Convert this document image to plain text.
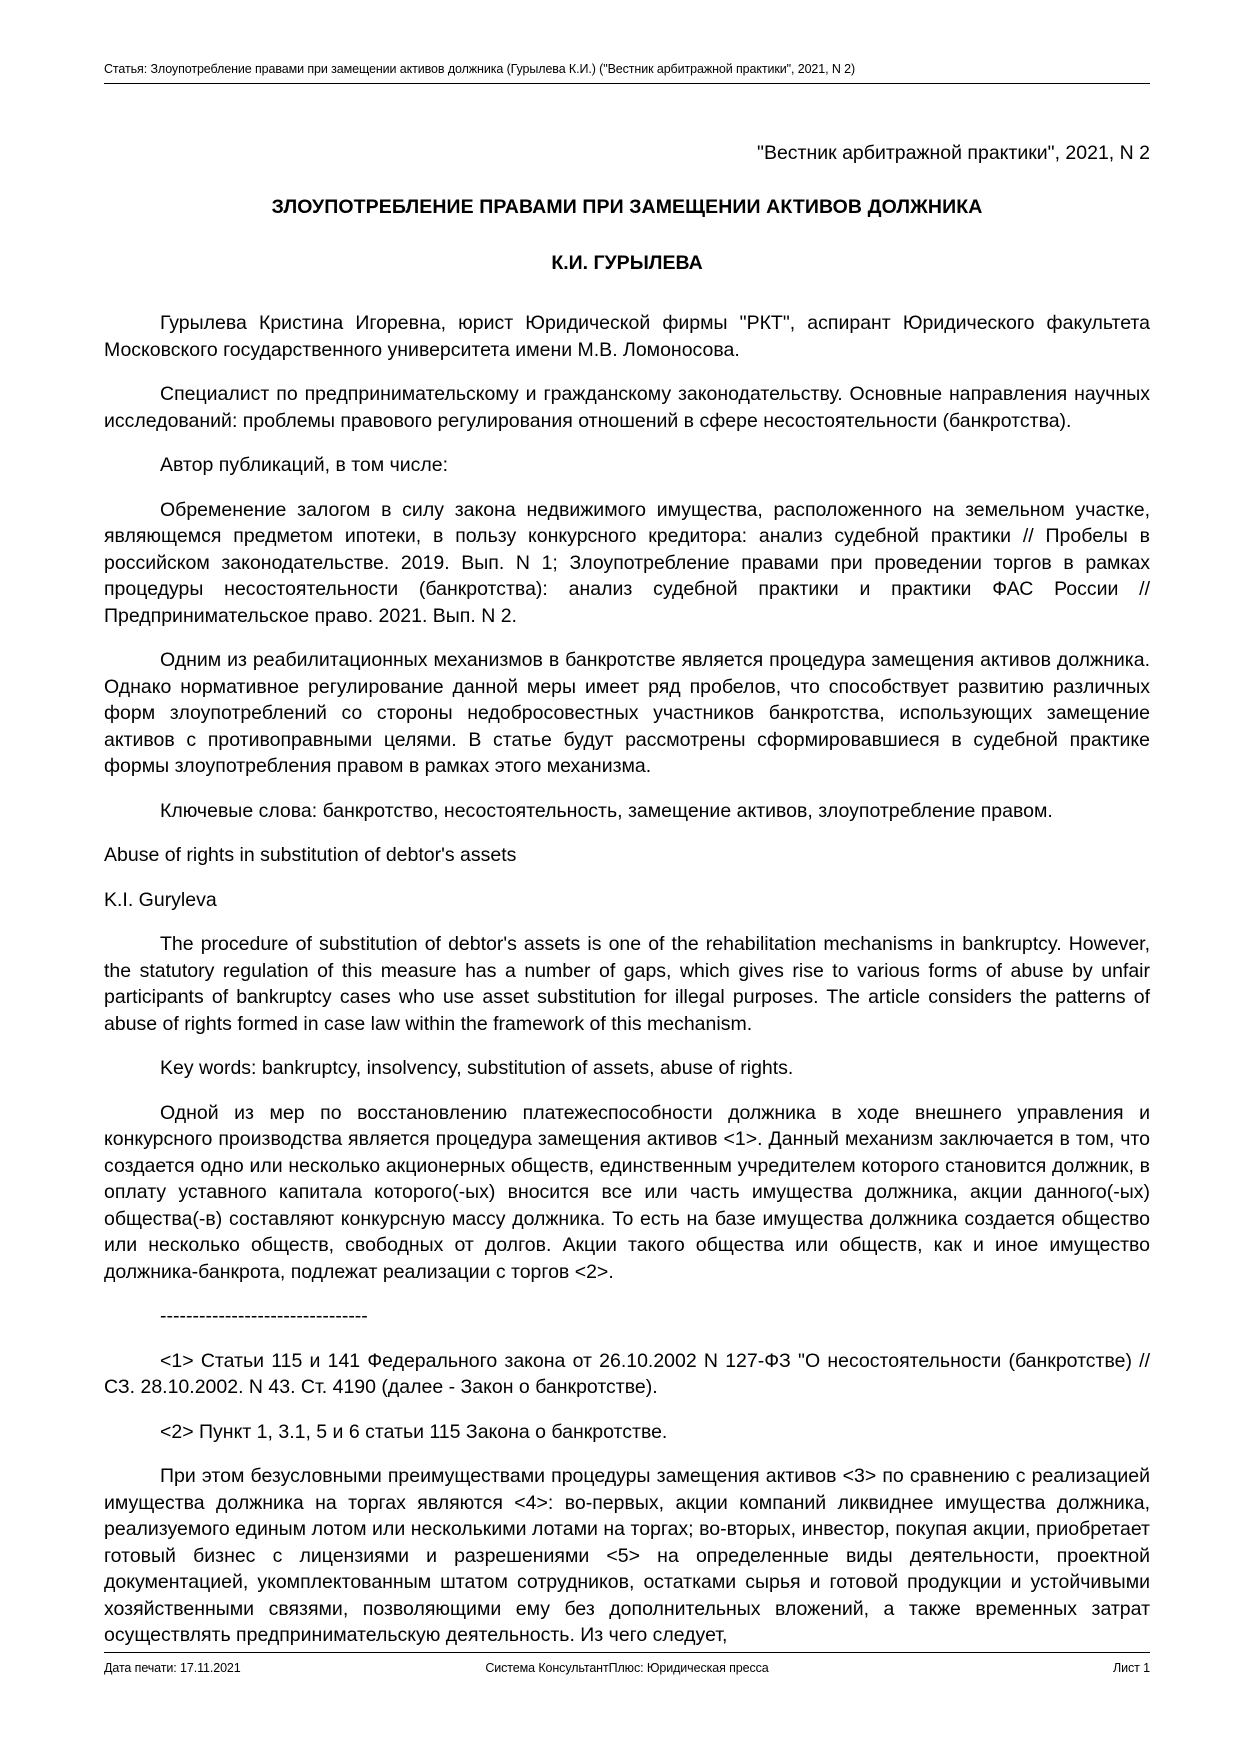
Статья: Злоупотребление правами при замещении активов должника (Гурылева К.И.) ("Вестник арбитражной практики", 2021, N 2)
"Вестник арбитражной практики", 2021, N 2
ЗЛОУПОТРЕБЛЕНИЕ ПРАВАМИ ПРИ ЗАМЕЩЕНИИ АКТИВОВ ДОЛЖНИКА
К.И. ГУРЫЛЕВА

Гурылева Кристина Игоревна, юрист Юридической фирмы "РКТ", аспирант Юридического факультета Московского государственного университета имени М.В. Ломоносова.

Специалист по предпринимательскому и гражданскому законодательству. Основные направления научных исследований: проблемы правового регулирования отношений в сфере несостоятельности (банкротства).

Автор публикаций, в том числе:

Обременение залогом в силу закона недвижимого имущества, расположенного на земельном участке, являющемся предметом ипотеки, в пользу конкурсного кредитора: анализ судебной практики // Пробелы в российском законодательстве. 2019. Вып. N 1; Злоупотребление правами при проведении торгов в рамках процедуры несостоятельности (банкротства): анализ судебной практики и практики ФАС России // Предпринимательское право. 2021. Вып. N 2.

Одним из реабилитационных механизмов в банкротстве является процедура замещения активов должника. Однако нормативное регулирование данной меры имеет ряд пробелов, что способствует развитию различных форм злоупотреблений со стороны недобросовестных участников банкротства, использующих замещение активов с противоправными целями. В статье будут рассмотрены сформировавшиеся в судебной практике формы злоупотребления правом в рамках этого механизма.

Ключевые слова: банкротство, несостоятельность, замещение активов, злоупотребление правом.

Abuse of rights in substitution of debtor's assets

K.I. Gurуleva

The procedure of substitution of debtor's assets is one of the rehabilitation mechanisms in bankruptcy. However, the statutory regulation of this measure has a number of gaps, which gives rise to various forms of abuse by unfair participants of bankruptcy cases who use asset substitution for illegal purposes. The article considers the patterns of abuse of rights formed in case law within the framework of this mechanism.

Key words: bankruptcy, insolvency, substitution of assets, abuse of rights.

Одной из мер по восстановлению платежеспособности должника в ходе внешнего управления и конкурсного производства является процедура замещения активов <1>. Данный механизм заключается в том, что создается одно или несколько акционерных обществ, единственным учредителем которого становится должник, в оплату уставного капитала которого(-ых) вносится все или часть имущества должника, акции данного(-ых) общества(-в) составляют конкурсную массу должника. То есть на базе имущества должника создается общество или несколько обществ, свободных от долгов. Акции такого общества или обществ, как и иное имущество должника-банкрота, подлежат реализации с торгов <2>.

--------------------------------

<1> Статьи 115 и 141 Федерального закона от 26.10.2002 N 127-ФЗ "О несостоятельности (банкротстве) // СЗ. 28.10.2002. N 43. Ст. 4190 (далее - Закон о банкротстве).

<2> Пункт 1, 3.1, 5 и 6 статьи 115 Закона о банкротстве.

При этом безусловными преимуществами процедуры замещения активов <3> по сравнению с реализацией имущества должника на торгах являются <4>: во-первых, акции компаний ликвиднее имущества должника, реализуемого единым лотом или несколькими лотами на торгах; во-вторых, инвестор, покупая акции, приобретает готовый бизнес с лицензиями и разрешениями <5> на определенные виды деятельности, проектной документацией, укомплектованным штатом сотрудников, остатками сырья и готовой продукции и устойчивыми хозяйственными связями, позволяющими ему без дополнительных вложений, а также временных затрат осуществлять предпринимательскую деятельность. Из чего следует,

Дата печати: 17.11.2021	Система КонсультантПлюс: Юридическая пресса	Лист 1
